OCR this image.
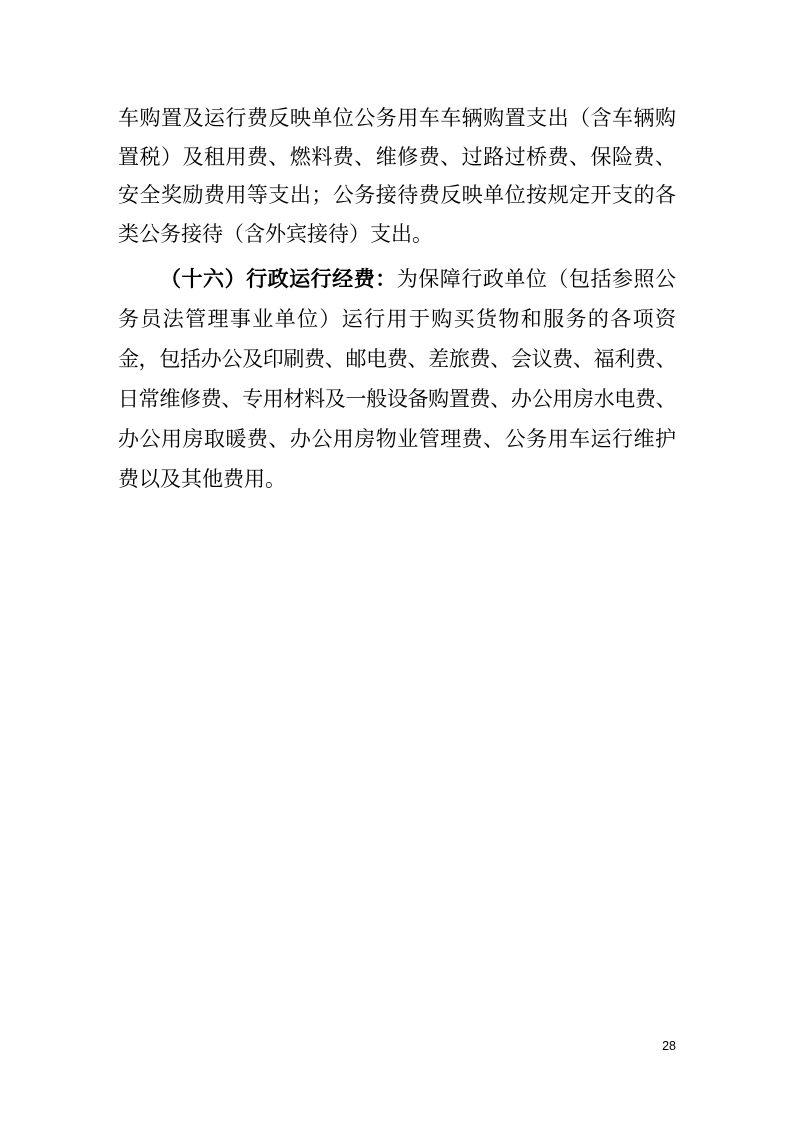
车购置及运行费反映单位公务用车车辆购置支出（含车辆购
置税）及租用费、燃料费、维修费、过路过桥费、保险费、
安全奖励费用等支出；公务接待费反映单位按规定开支的各
类公务接待（含外宾接待）支出。

（十六）行政运行经费：为保障行政单位（包括参照公
务员法管理事业单位）运行用于购买货物和服务的各项资
金，包括办公及印刷费、邮电费、差旅费、会议费、福利费、
日常维修费、专用材料及一般设备购置费、办公用房水电费、
办公用房取暖费、办公用房物业管理费、公务用车运行维护
费以及其他费用。

28
